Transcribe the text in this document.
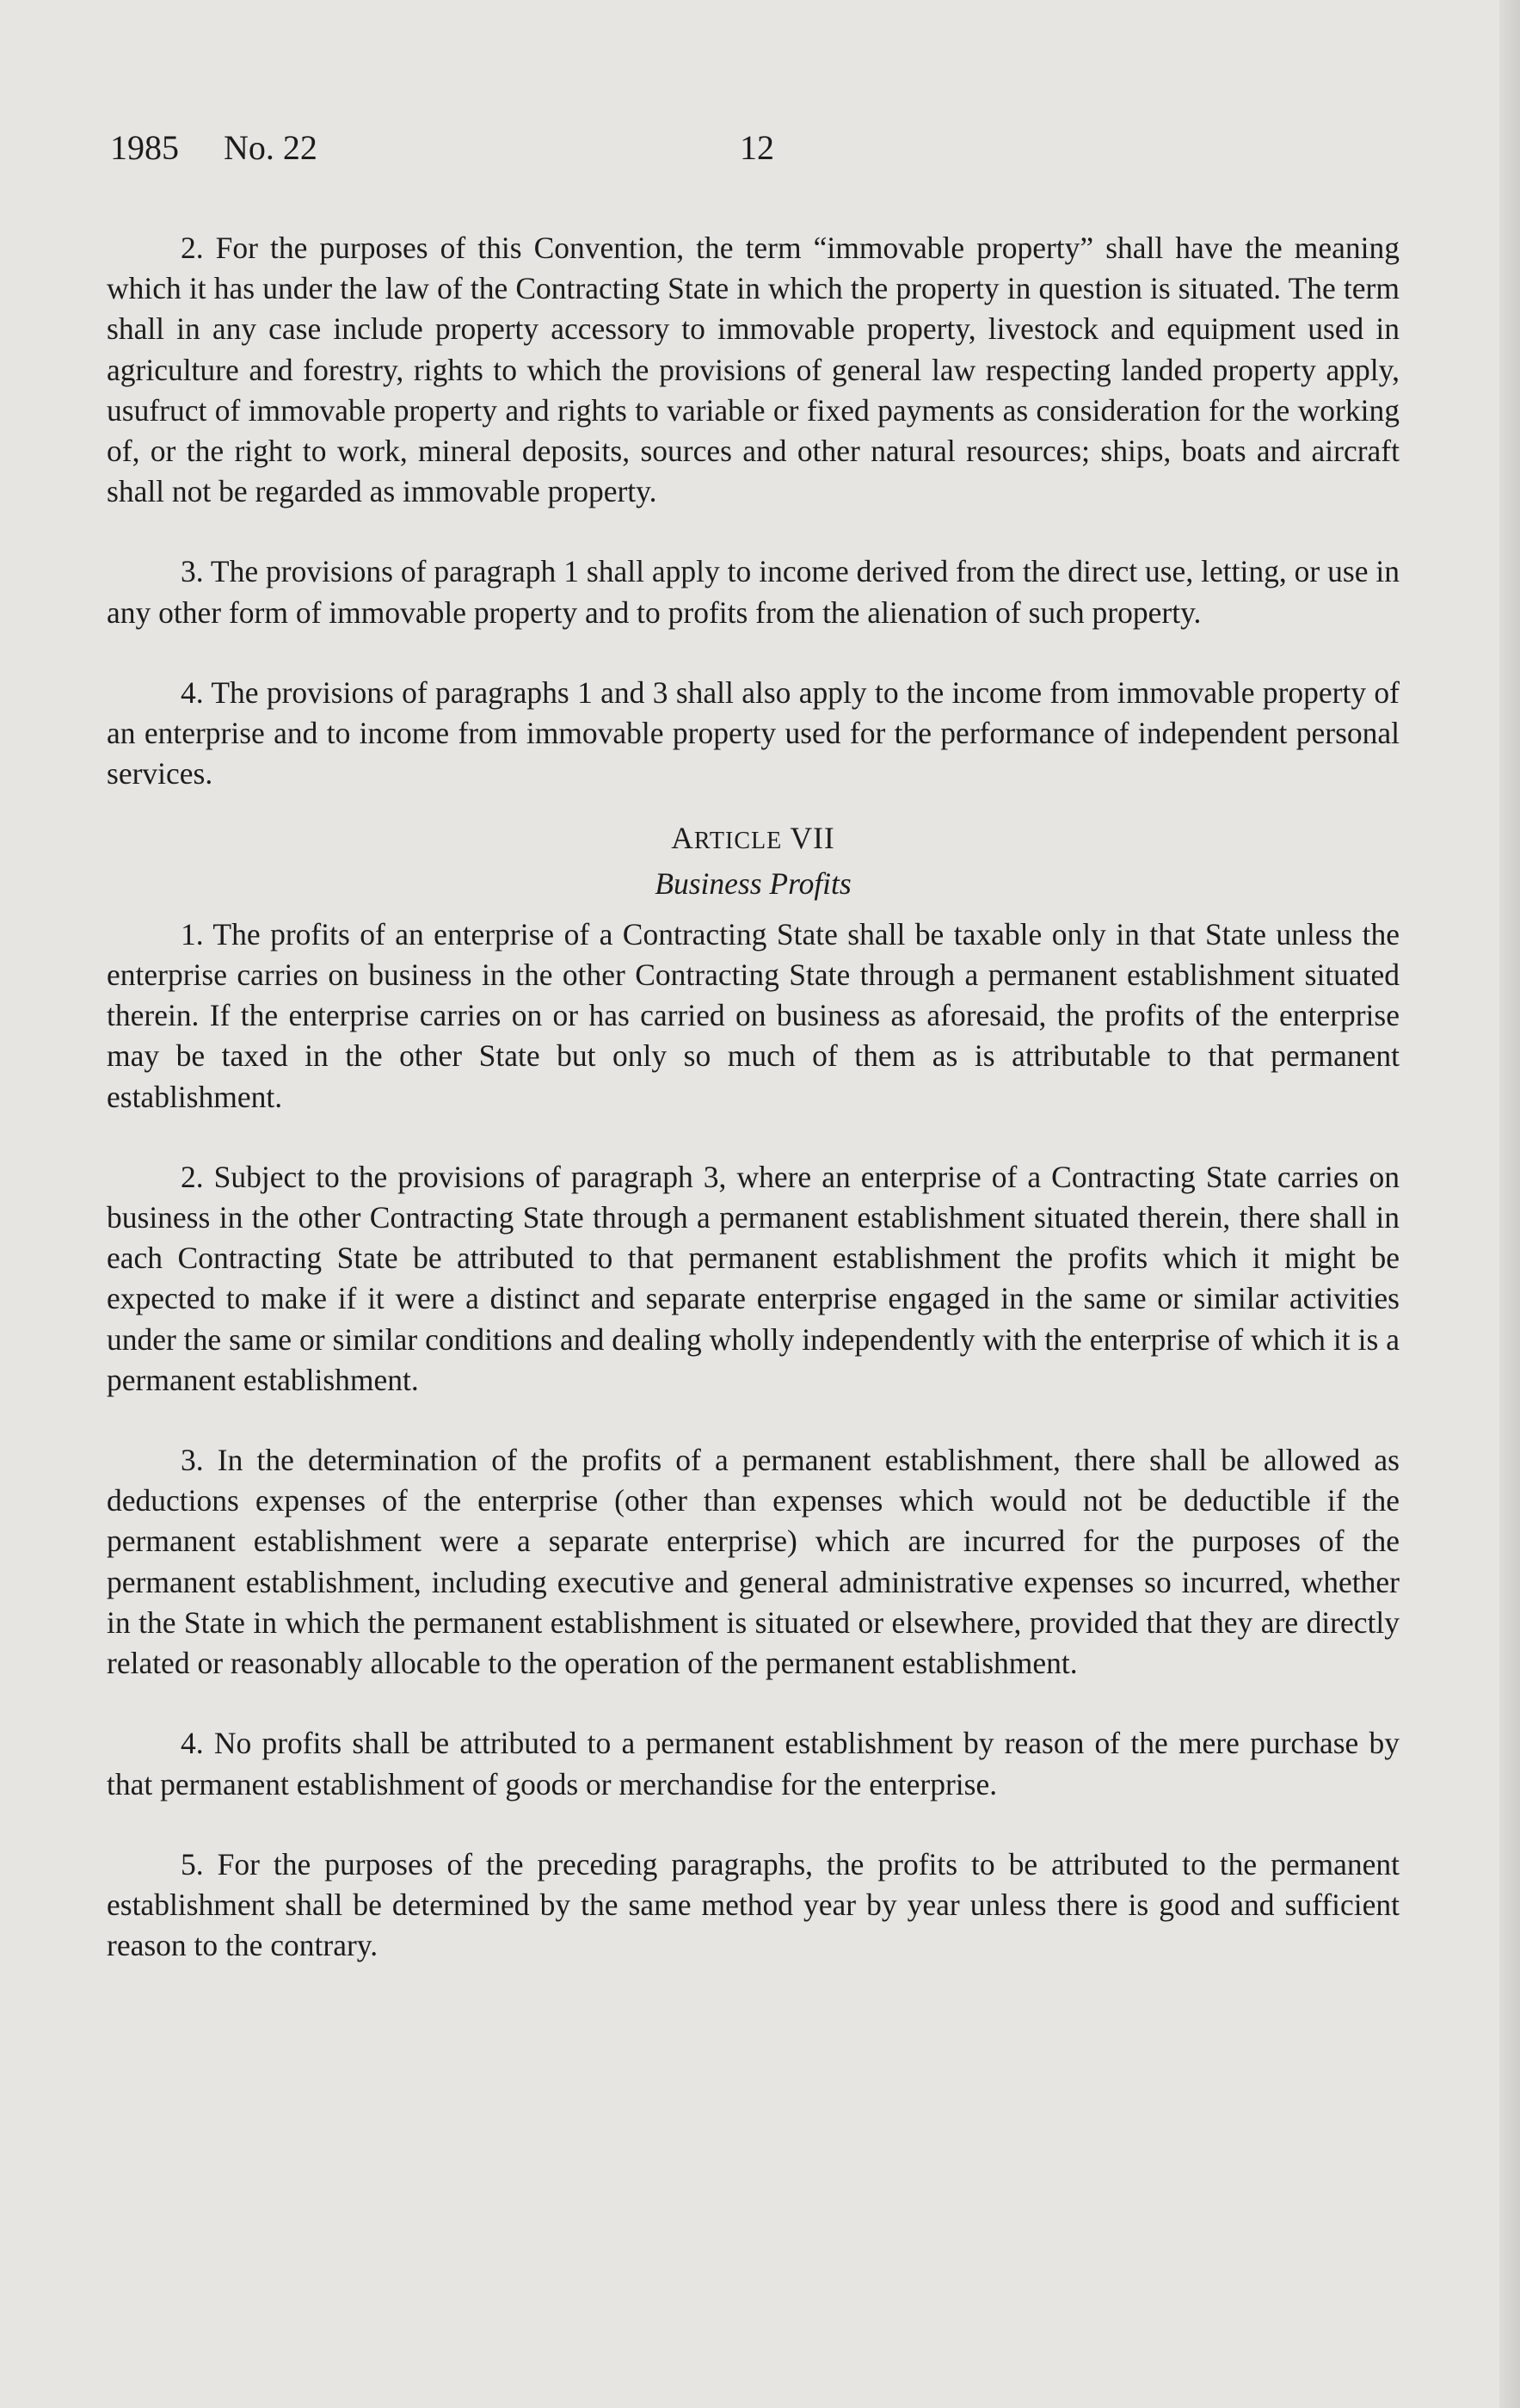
1985 No. 22	12

2. For the purposes of this Convention, the term “immovable property” shall have the meaning which it has under the law of the Contracting State in which the property in question is situated. The term shall in any case include property accessory to immovable property, livestock and equipment used in agriculture and forestry, rights to which the provisions of general law respecting landed property apply, usufruct of immovable property and rights to variable or fixed payments as consideration for the working of, or the right to work, mineral deposits, sources and other natural resources; ships, boats and aircraft shall not be regarded as immovable property.

3. The provisions of paragraph 1 shall apply to income derived from the direct use, letting, or use in any other form of immovable property and to profits from the alienation of such property.

4. The provisions of paragraphs 1 and 3 shall also apply to the income from immovable property of an enterprise and to income from immovable property used for the performance of independent personal services.

ARTICLE VII
Business Profits

1. The profits of an enterprise of a Contracting State shall be taxable only in that State unless the enterprise carries on business in the other Contracting State through a permanent establishment situated therein. If the enterprise carries on or has carried on business as aforesaid, the profits of the enterprise may be taxed in the other State but only so much of them as is attributable to that permanent establishment.

2. Subject to the provisions of paragraph 3, where an enterprise of a Contracting State carries on business in the other Contracting State through a permanent establishment situated therein, there shall in each Contracting State be attributed to that permanent establishment the profits which it might be expected to make if it were a distinct and separate enterprise engaged in the same or similar activities under the same or similar conditions and dealing wholly independently with the enterprise of which it is a permanent establishment.

3. In the determination of the profits of a permanent establishment, there shall be allowed as deductions expenses of the enterprise (other than expenses which would not be deductible if the permanent establishment were a separate enterprise) which are incurred for the purposes of the permanent establishment, including executive and general administrative expenses so incurred, whether in the State in which the permanent establishment is situated or elsewhere, provided that they are directly related or reasonably allocable to the operation of the permanent establishment.

4. No profits shall be attributed to a permanent establishment by reason of the mere purchase by that permanent establishment of goods or merchandise for the enterprise.

5. For the purposes of the preceding paragraphs, the profits to be attributed to the permanent establishment shall be determined by the same method year by year unless there is good and sufficient reason to the contrary.
